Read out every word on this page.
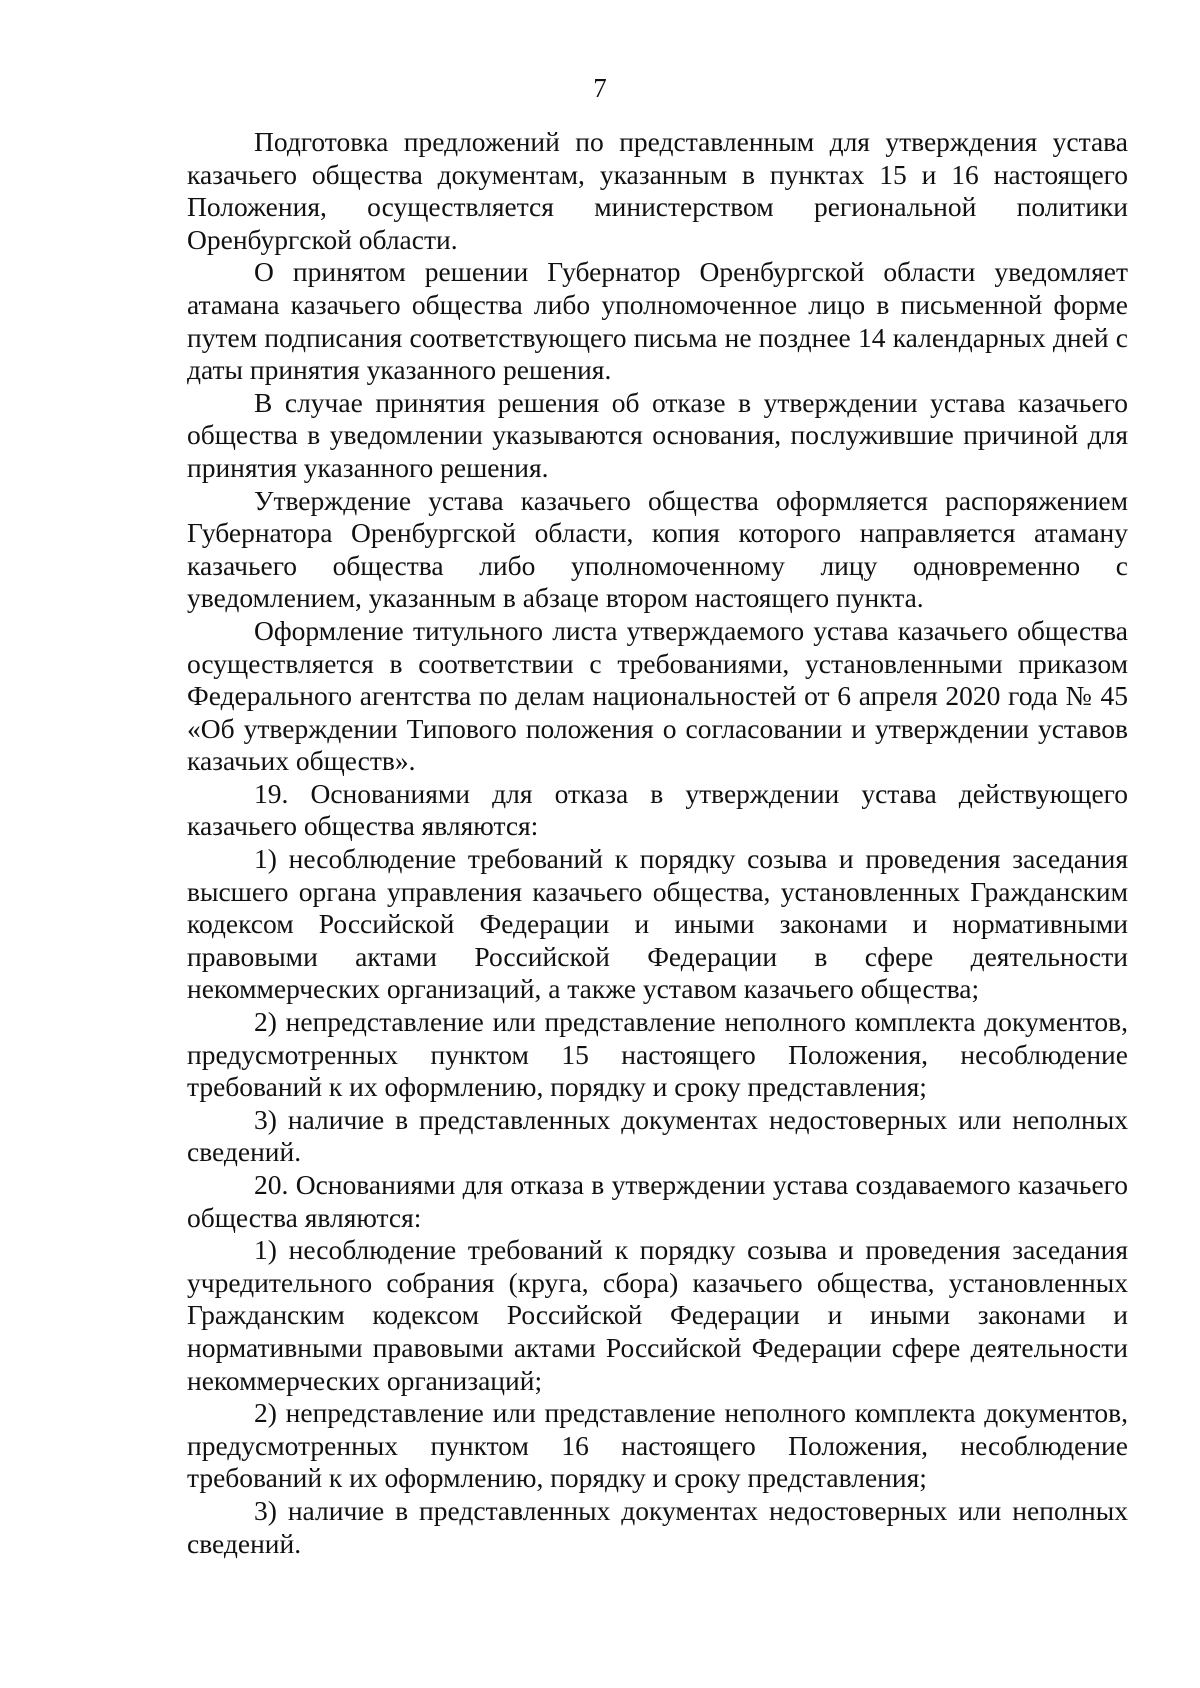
7

Подготовка предложений по представленным для утверждения устава казачьего общества документам, указанным в пунктах 15 и 16 настоящего Положения, осуществляется министерством региональной политики Оренбургской области.

О принятом решении Губернатор Оренбургской области уведомляет атамана казачьего общества либо уполномоченное лицо в письменной форме путем подписания соответствующего письма не позднее 14 календарных дней с даты принятия указанного решения.

В случае принятия решения об отказе в утверждении устава казачьего общества в уведомлении указываются основания, послужившие причиной для принятия указанного решения.

Утверждение устава казачьего общества оформляется распоряжением Губернатора Оренбургской области, копия которого направляется атаману казачьего общества либо уполномоченному лицу одновременно с уведомлением, указанным в абзаце втором настоящего пункта.

Оформление титульного листа утверждаемого устава казачьего общества осуществляется в соответствии с требованиями, установленными приказом Федерального агентства по делам национальностей от 6 апреля 2020 года № 45 «Об утверждении Типового положения о согласовании и утверждении уставов казачьих обществ».

19. Основаниями для отказа в утверждении устава действующего казачьего общества являются:

1) несоблюдение требований к порядку созыва и проведения заседания высшего органа управления казачьего общества, установленных Гражданским кодексом Российской Федерации и иными законами и нормативными правовыми актами Российской Федерации в сфере деятельности некоммерческих организаций, а также уставом казачьего общества;

2) непредставление или представление неполного комплекта документов, предусмотренных пунктом 15 настоящего Положения, несоблюдение требований к их оформлению, порядку и сроку представления;

3) наличие в представленных документах недостоверных или неполных сведений.

20. Основаниями для отказа в утверждении устава создаваемого казачьего общества являются:

1) несоблюдение требований к порядку созыва и проведения заседания учредительного собрания (круга, сбора) казачьего общества, установленных Гражданским кодексом Российской Федерации и иными законами и нормативными правовыми актами Российской Федерации сфере деятельности некоммерческих организаций;

2) непредставление или представление неполного комплекта документов, предусмотренных пунктом 16 настоящего Положения, несоблюдение требований к их оформлению, порядку и сроку представления;

3) наличие в представленных документах недостоверных или неполных сведений.
